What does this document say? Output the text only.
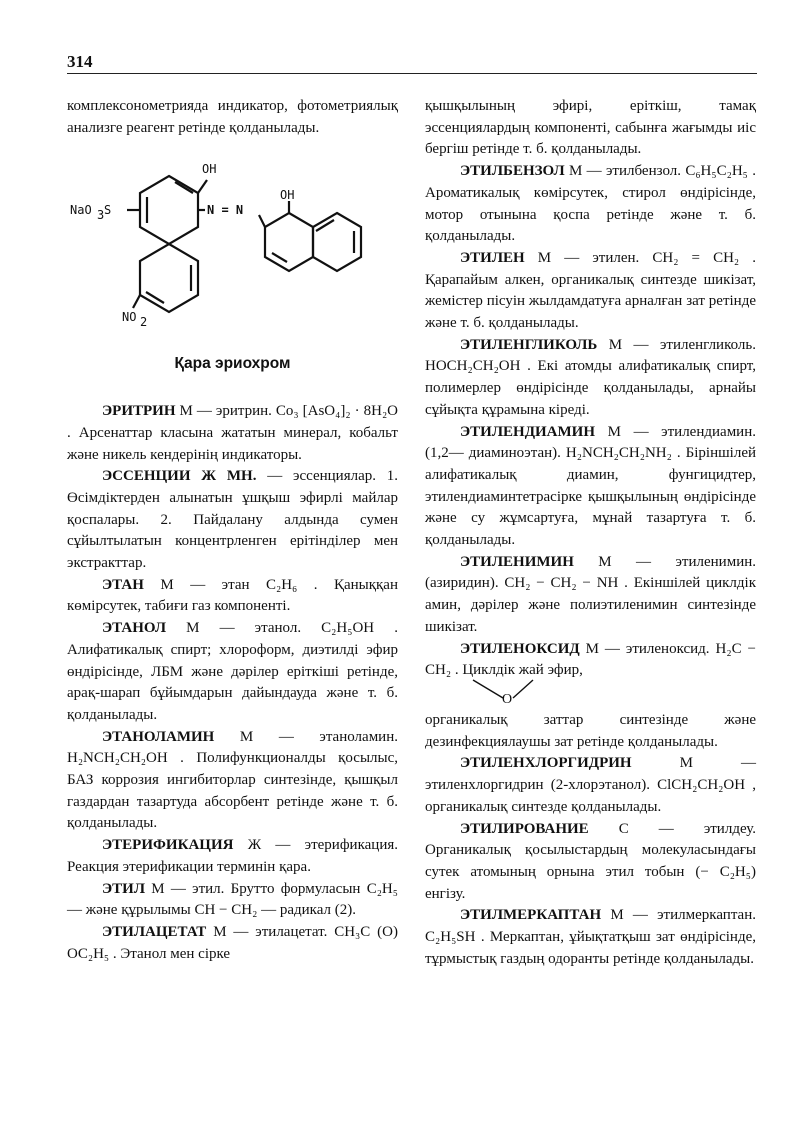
314

комплексонометрияда индикатор, фотометриялық анализге реагент ретінде қолданылады.

OH
NaO 3 S	N = N
OH
NO 2
Қара эриохром

ЭРИТРИН М — эритрин. Co₃ [AsO₄]₂ · 8H₂O . Арсенаттар класына жататын минерал, кобальт және никель кендерінің индикаторы.

ЭССЕНЦИИ Ж МН. — эссенциялар. 1. Өсімдіктерден алынатын ұшқыш эфирлі майлар қоспалары. 2. Пайдалану алдында сумен сұйылтылатын концентрленген ерітінділер мен экстракттар.

ЭТАН М — этан C₂H₆ . Қаныққан көмірсутек, табиғи газ компоненті.

ЭТАНОЛ М — этанол. C₂H₅OH . Алифатикалық спирт; хлороформ, диэтилді эфир өндірісінде, ЛБМ және дәрілер еріткіші ретінде, арақ-шарап бұйымдарын дайындауда және т. б. қолданылады.

ЭТАНОЛАМИН М — этаноламин. H₂NCH₂CH₂OH . Полифункционалды қосылыс, БАЗ коррозия ингибиторлар синтезінде, қышқыл газдардан тазартуда абсорбент ретінде және т. б. қолданылады.

ЭТЕРИФИКАЦИЯ Ж — этерификация. Реакция этерификации терминін қара.

ЭТИЛ М — этил. Брутто формуласын C₂H₅ — және құрылымы CH − CH₂ — радикал (2).

ЭТИЛАЦЕТАТ М — этилацетат. CH₃C (O) OC₂H₅ . Этанол мен сірке

қышқылының эфирі, еріткіш, тамақ эссенциялардың компоненті, сабынға жағымды иіс бергіш ретінде т. б. қолданылады.

ЭТИЛБЕНЗОЛ М — этилбензол. C₆H₅C₂H₅ . Ароматикалық көмірсутек, стирол өндірісінде, мотор отынына қоспа ретінде және т. б. қолданылады.

ЭТИЛЕН М — этилен. CH₂ = CH₂ . Қарапайым алкен, органикалық синтезде шикізат, жемістер пісуін жылдамдатуға арналған зат ретінде және т. б. қолданылады.

ЭТИЛЕНГЛИКОЛЬ М — этиленгликоль. HOCH₂CH₂OH . Екі атомды алифатикалық спирт, полимерлер өндірісінде қолданылады, арнайы сұйықта құрамына кіреді.

ЭТИЛЕНДИАМИН М — этилендиамин. (1,2— диаминоэтан). H₂NCH₂CH₂NH₂ . Біріншілей алифатикалық диамин, фунгицидтер, этилендиаминтетрасірке қышқылының өндірісінде және су жұмсартуға, мұнай тазартуға т. б. қолданылады.

ЭТИЛЕНИМИН М — этиленимин. (азиридин). CH₂ − CH₂ − NH . Екіншілей циклдік амин, дәрілер және полиэтиленимин синтезінде шикізат.

ЭТИЛЕНОКСИД М — этиленоксид. H₂C − CH₂ . Циклдік жай эфир,

O

органикалық заттар синтезінде және дезинфекциялаушы зат ретінде қолданылады.

ЭТИЛЕНХЛОРГИДРИН М — этиленхлоргидрин (2-хлорэтанол). ClCH₂CH₂OH , органикалық синтезде қолданылады.

ЭТИЛИРОВАНИЕ С — этилдеу. Органикалық қосылыстардың молекуласындағы сутек атомының орнына этил тобын (− C₂H₅) енгізу.

ЭТИЛМЕРКАПТАН М — этилмеркаптан. C₂H₅SH . Меркаптан, ұйықтатқыш зат өндірісінде, тұрмыстық газдың одоранты ретінде қолданылады.
